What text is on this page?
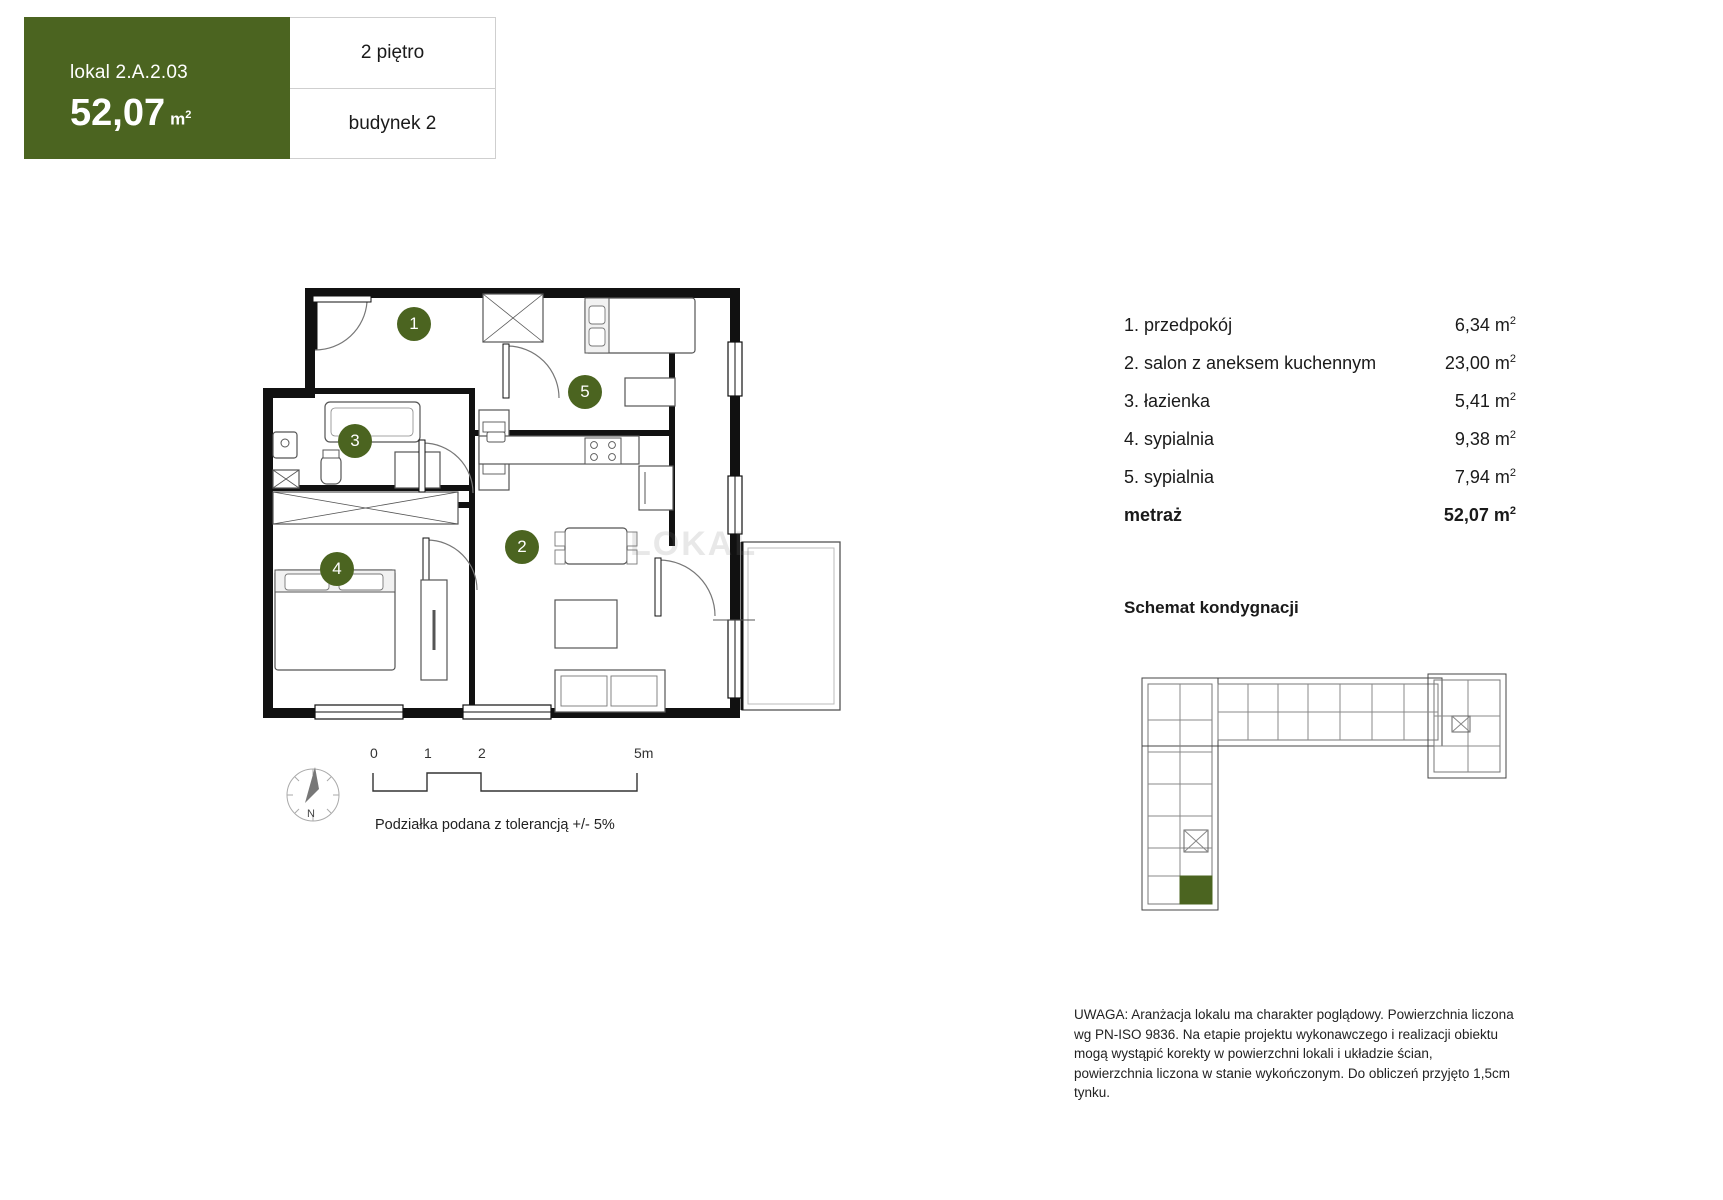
lokal 2.A.2.03
52,07 $m^2$
2 piętro
budynek 2
1
5
3
2
4
LOKAL
0	1	2	5m
N
Podziałka podana z tolerancją +/- 5%
1. przedpokój	6,34 $m^2$
2. salon z aneksem kuchennym	23,00 $m^2$
3. łazienka	5,41 $m^2$
4. sypialnia	9,38 $m^2$
5. sypialnia	7,94 $m^2$
metraż	52,07 $m^2$
Schemat kondygnacji
UWAGA: Aranżacja lokalu ma charakter poglądowy. Powierzchnia liczona wg PN-ISO 9836. Na etapie projektu wykonawczego i realizacji obiektu mogą wystąpić korekty w powierzchni lokali i układzie ścian, powierzchnia liczona w stanie wykończonym. Do obliczeń przyjęto 1,5cm tynku.
